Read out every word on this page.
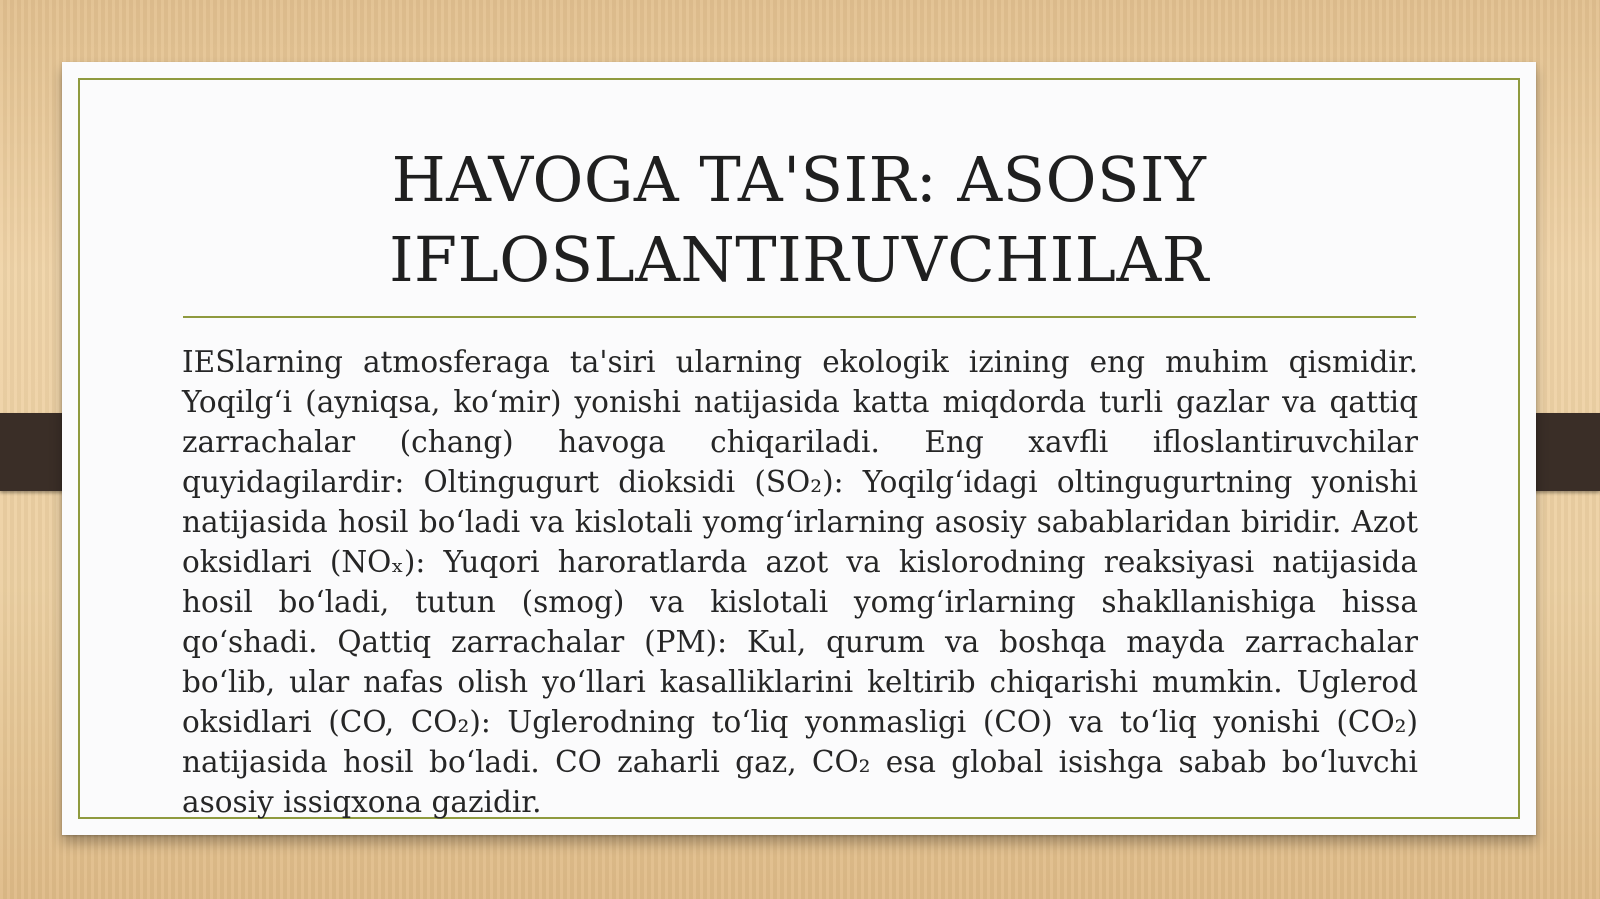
HAVOGA TA'SIR: ASOSIY IFLOSLANTIRUVCHILAR

IESlarning atmosferaga ta'siri ularning ekologik izining eng muhim qismidir. Yoqilg‘i (ayniqsa, ko‘mir) yonishi natijasida katta miqdorda turli gazlar va qattiq zarrachalar (chang) havoga chiqariladi. Eng xavfli ifloslantiruvchilar quyidagilardir: Oltingugurt dioksidi (SO₂): Yoqilg‘idagi oltingugurtning yonishi natijasida hosil bo‘ladi va kislotali yomg‘irlarning asosiy sabablaridan biridir. Azot oksidlari (NOₓ): Yuqori haroratlarda azot va kislorodning reaksiyasi natijasida hosil bo‘ladi, tutun (smog) va kislotali yomg‘irlarning shakllanishiga hissa qo‘shadi. Qattiq zarrachalar (PM): Kul, qurum va boshqa mayda zarrachalar bo‘lib, ular nafas olish yo‘llari kasalliklarini keltirib chiqarishi mumkin. Uglerod oksidlari (CO, CO₂): Uglerodning to‘liq yonmasligi (CO) va to‘liq yonishi (CO₂) natijasida hosil bo‘ladi. CO zaharli gaz, CO₂ esa global isishga sabab bo‘luvchi asosiy issiqxona gazidir.
